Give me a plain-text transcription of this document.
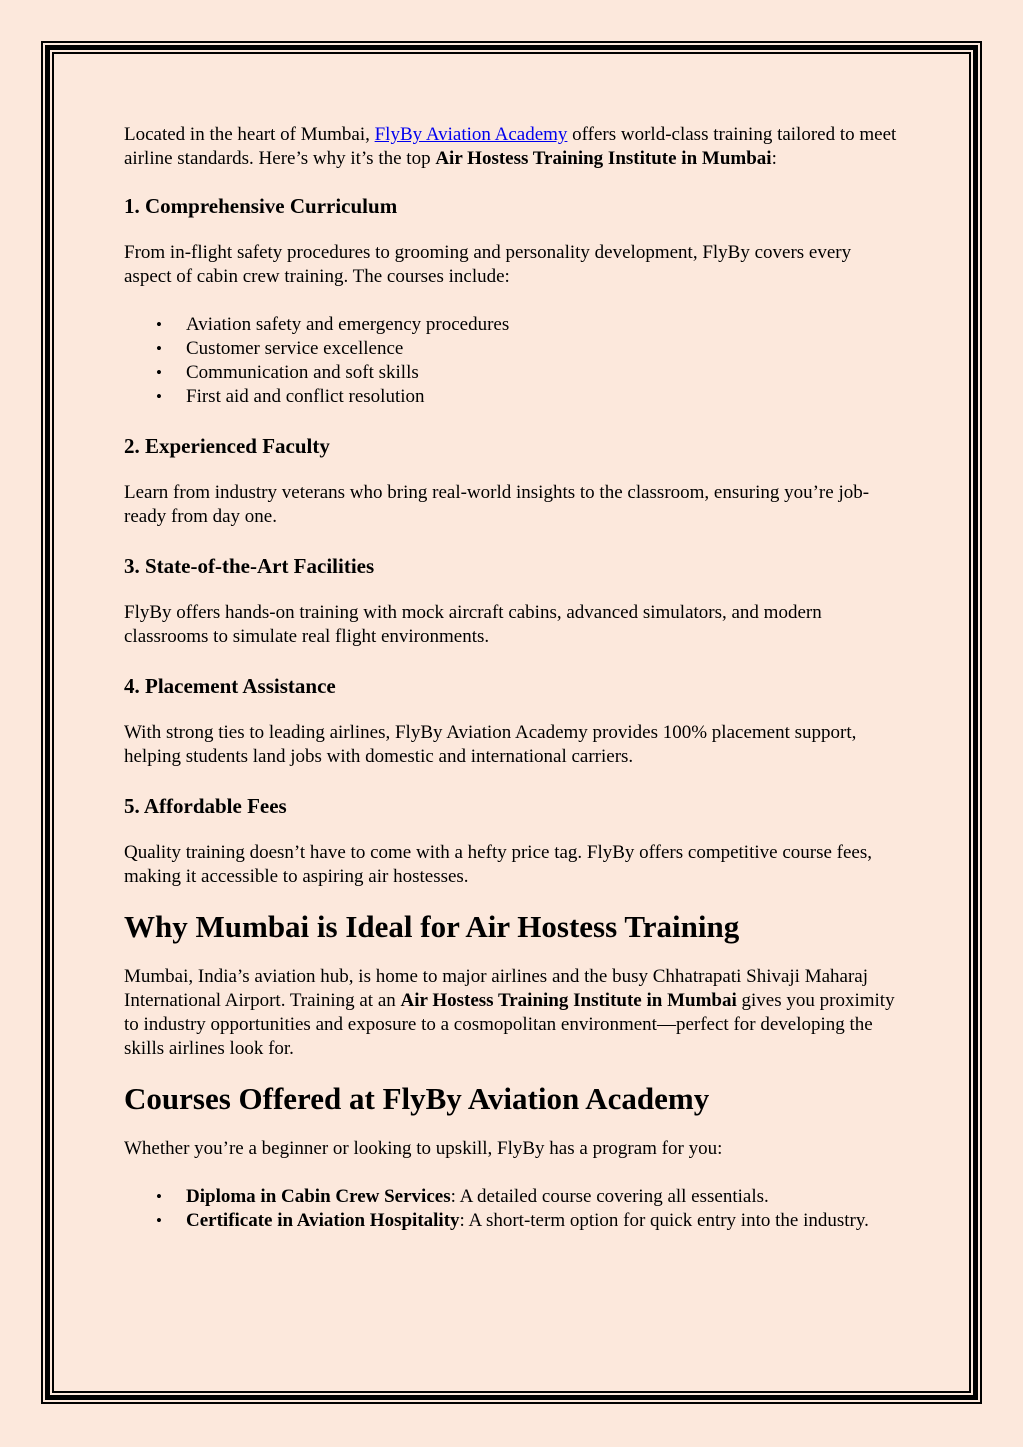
Located in the heart of Mumbai, FlyBy Aviation Academy offers world-class training tailored to meet airline standards. Here’s why it’s the top Air Hostess Training Institute in Mumbai:

1. Comprehensive Curriculum

From in-flight safety procedures to grooming and personality development, FlyBy covers every aspect of cabin crew training. The courses include:

• Aviation safety and emergency procedures
• Customer service excellence
• Communication and soft skills
• First aid and conflict resolution

2. Experienced Faculty

Learn from industry veterans who bring real-world insights to the classroom, ensuring you’re job-ready from day one.

3. State-of-the-Art Facilities

FlyBy offers hands-on training with mock aircraft cabins, advanced simulators, and modern classrooms to simulate real flight environments.

4. Placement Assistance

With strong ties to leading airlines, FlyBy Aviation Academy provides 100% placement support, helping students land jobs with domestic and international carriers.

5. Affordable Fees

Quality training doesn’t have to come with a hefty price tag. FlyBy offers competitive course fees, making it accessible to aspiring air hostesses.

Why Mumbai is Ideal for Air Hostess Training

Mumbai, India’s aviation hub, is home to major airlines and the busy Chhatrapati Shivaji Maharaj International Airport. Training at an Air Hostess Training Institute in Mumbai gives you proximity to industry opportunities and exposure to a cosmopolitan environment—perfect for developing the skills airlines look for.

Courses Offered at FlyBy Aviation Academy

Whether you’re a beginner or looking to upskill, FlyBy has a program for you:

• Diploma in Cabin Crew Services: A detailed course covering all essentials.
• Certificate in Aviation Hospitality: A short-term option for quick entry into the industry.
